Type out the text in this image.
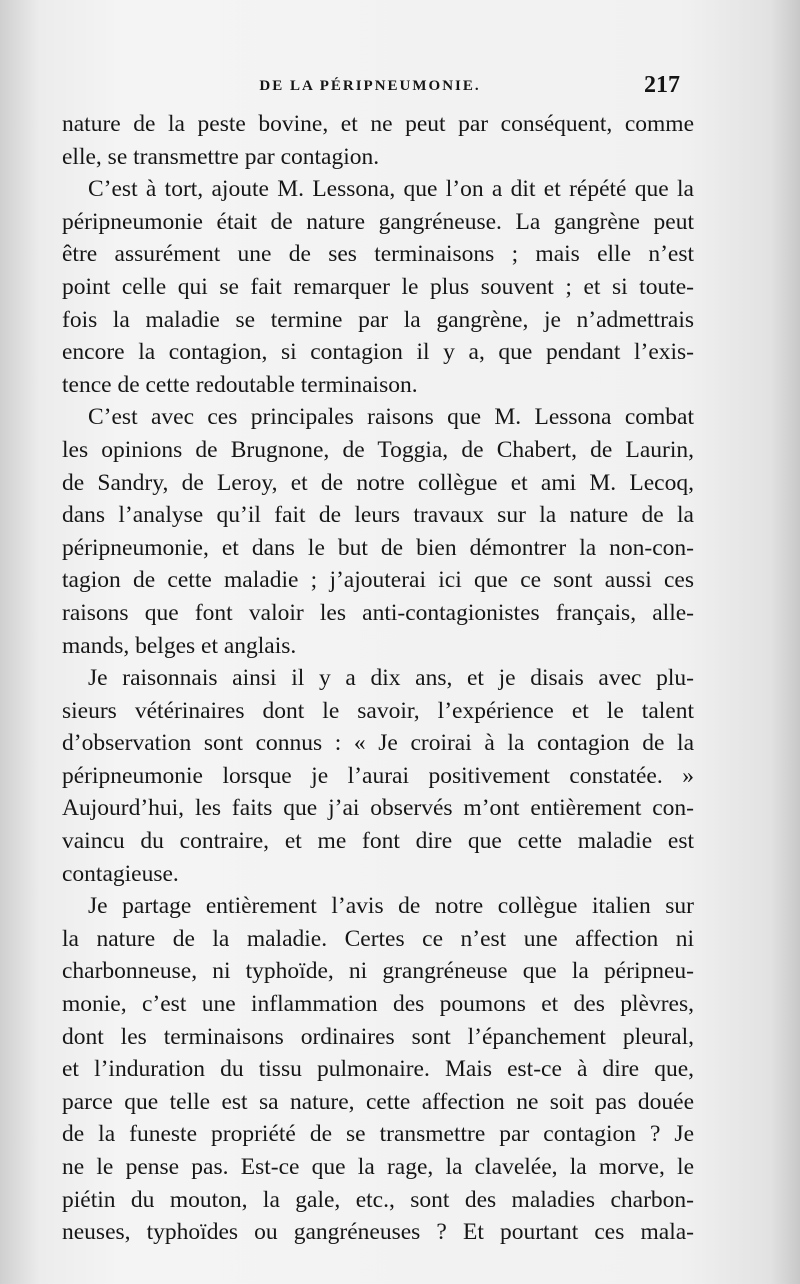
DE LA PÉRIPNEUMONIE.	217
nature de la peste bovine, et ne peut par conséquent, comme
elle, se transmettre par contagion.
C’est à tort, ajoute M. Lessona, que l’on a dit et répété que la
péripneumonie était de nature gangréneuse. La gangrène peut
être assurément une de ses terminaisons ; mais elle n’est
point celle qui se fait remarquer le plus souvent ; et si toute-
fois la maladie se termine par la gangrène, je n’admettrais
encore la contagion, si contagion il y a, que pendant l’exis-
tence de cette redoutable terminaison.
C’est avec ces principales raisons que M. Lessona combat
les opinions de Brugnone, de Toggia, de Chabert, de Laurin,
de Sandry, de Leroy, et de notre collègue et ami M. Lecoq,
dans l’analyse qu’il fait de leurs travaux sur la nature de la
péripneumonie, et dans le but de bien démontrer la non-con-
tagion de cette maladie ; j’ajouterai ici que ce sont aussi ces
raisons que font valoir les anti-contagionistes français, alle-
mands, belges et anglais.
Je raisonnais ainsi il y a dix ans, et je disais avec plu-
sieurs vétérinaires dont le savoir, l’expérience et le talent
d’observation sont connus : « Je croirai à la contagion de la
péripneumonie lorsque je l’aurai positivement constatée. »
Aujourd’hui, les faits que j’ai observés m’ont entièrement con-
vaincu du contraire, et me font dire que cette maladie est
contagieuse.
Je partage entièrement l’avis de notre collègue italien sur
la nature de la maladie. Certes ce n’est une affection ni
charbonneuse, ni typhoïde, ni grangréneuse que la péripneu-
monie, c’est une inflammation des poumons et des plèvres,
dont les terminaisons ordinaires sont l’épanchement pleural,
et l’induration du tissu pulmonaire. Mais est-ce à dire que,
parce que telle est sa nature, cette affection ne soit pas douée
de la funeste propriété de se transmettre par contagion ? Je
ne le pense pas. Est-ce que la rage, la clavelée, la morve, le
piétin du mouton, la gale, etc., sont des maladies charbon-
neuses, typhoïdes ou gangréneuses ? Et pourtant ces mala-
